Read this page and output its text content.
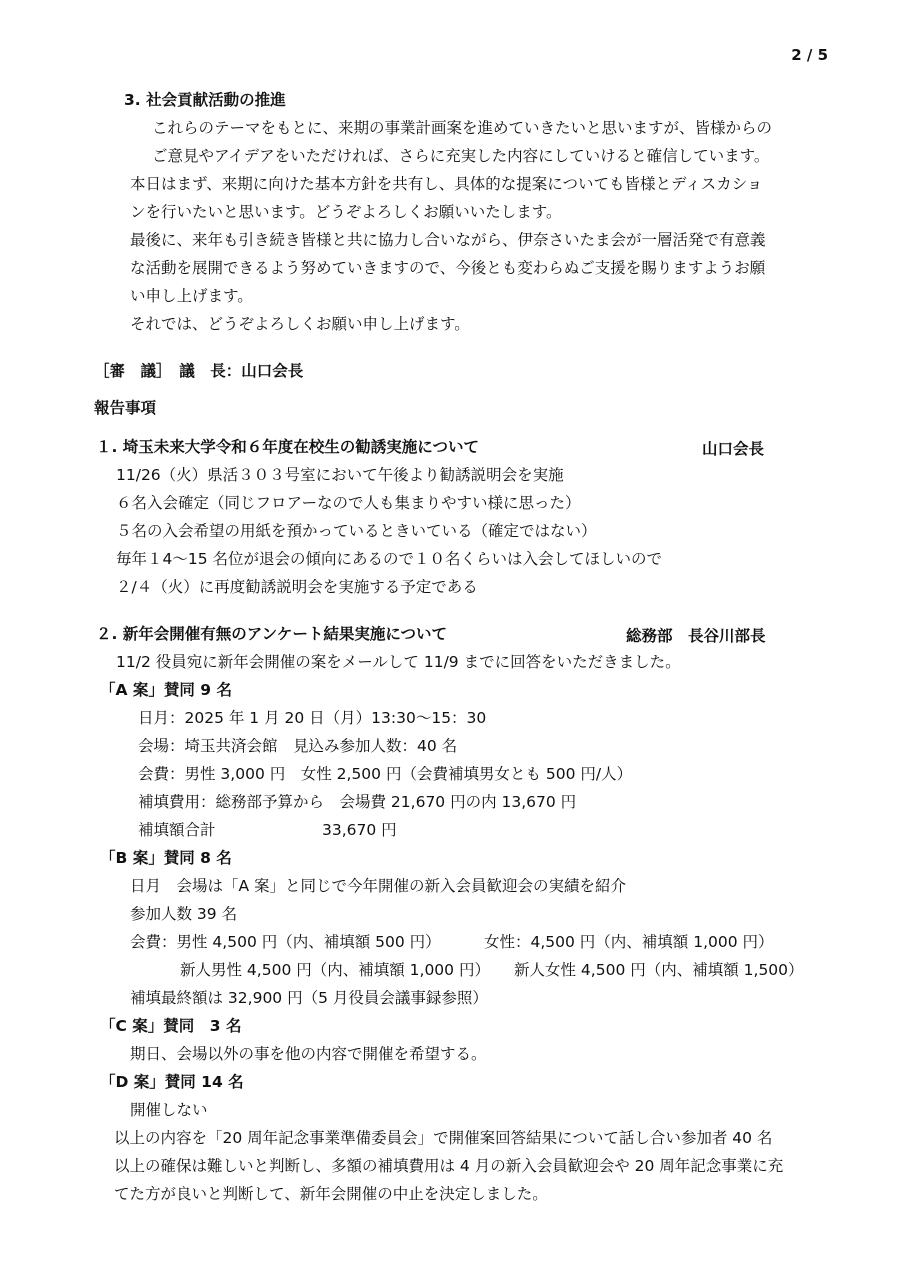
2 / 5
3. 社会貢献活動の推進
これらのテーマをもとに、来期の事業計画案を進めていきたいと思いますが、皆様からの
ご意見やアイデアをいただければ、さらに充実した内容にしていけると確信しています。
本日はまず、来期に向けた基本方針を共有し、具体的な提案についても皆様とディスカショ
ンを行いたいと思います。どうぞよろしくお願いいたします。
最後に、来年も引き続き皆様と共に協力し合いながら、伊奈さいたま会が一層活発で有意義
な活動を展開できるよう努めていきますので、今後とも変わらぬご支援を賜りますようお願
い申し上げます。
それでは、どうぞよろしくお願い申し上げます。
［審　議］　議　長：山口会長
報告事項
１. 埼玉未来大学令和６年度在校生の勧誘実施について	山口会長
11/26（火）県活３０３号室において午後より勧誘説明会を実施
６名入会確定（同じフロアーなので人も集まりやすい様に思った）
５名の入会希望の用紙を預かっているときいている（確定ではない）
毎年１4～15 名位が退会の傾向にあるので１０名くらいは入会してほしいので
２/４（火）に再度勧誘説明会を実施する予定である
２. 新年会開催有無のアンケート結果実施について	総務部　長谷川部長
11/2 役員宛に新年会開催の案をメールして 11/9 までに回答をいただきました。
「A 案」賛同 9 名
日月：2025 年 1 月 20 日（月）13:30～15：30
会場：埼玉共済会館　見込み参加人数：40 名
会費：男性 3,000 円　女性 2,500 円（会費補填男女とも 500 円/人）
補填費用：総務部予算から　会場費 21,670 円の内 13,670 円
補填額合計	33,670 円
「B 案」賛同 8 名
日月　会場は「A 案」と同じで今年開催の新入会員歓迎会の実績を紹介
参加人数 39 名
会費：男性 4,500 円（内、補填額 500 円）	女性：4,500 円（内、補填額 1,000 円）
新人男性 4,500 円（内、補填額 1,000 円） 新人女性 4,500 円（内、補填額 1,500）
補填最終額は 32,900 円（5 月役員会議事録参照）
「C 案」賛同　3 名
期日、会場以外の事を他の内容で開催を希望する。
「D 案」賛同 14 名
開催しない
以上の内容を「20 周年記念事業準備委員会」で開催案回答結果について話し合い参加者 40 名
以上の確保は難しいと判断し、多額の補填費用は 4 月の新入会員歓迎会や 20 周年記念事業に充
てた方が良いと判断して、新年会開催の中止を決定しました。
